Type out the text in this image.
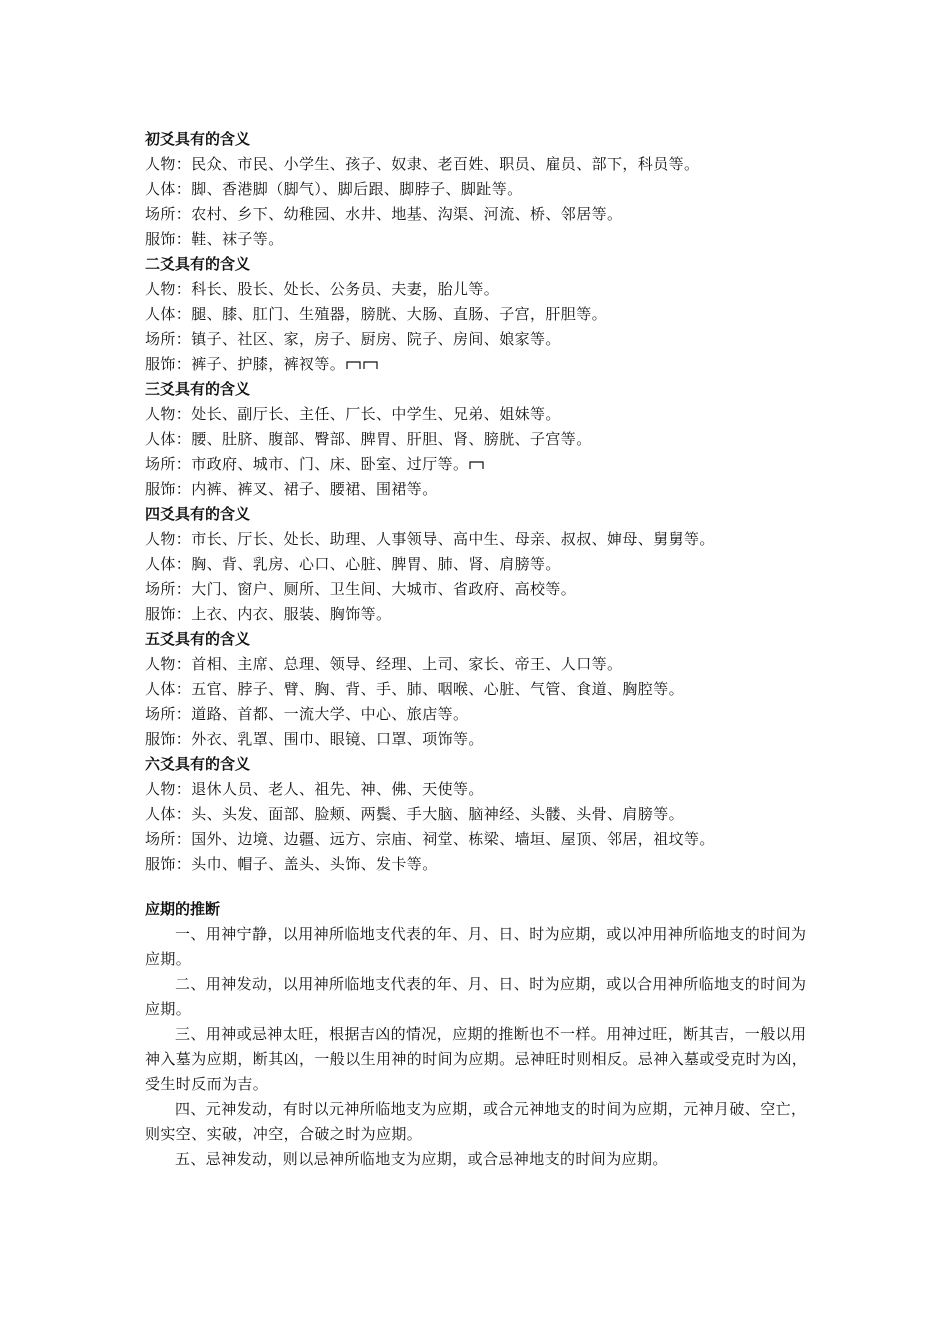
初爻具有的含义
人物：民众、市民、小学生、孩子、奴隶、老百姓、职员、雇员、部下，科员等。
人体：脚、香港脚（脚气）、脚后跟、脚脖子、脚趾等。
场所：农村、乡下、幼稚园、水井、地基、沟渠、河流、桥、邻居等。
服饰：鞋、袜子等。
二爻具有的含义
人物：科长、股长、处长、公务员、夫妻，胎儿等。
人体：腿、膝、肛门、生殖器，膀胱、大肠、直肠、子宫，肝胆等。
场所：镇子、社区、家，房子、厨房、院子、房间、娘家等。
服饰：裤子、护膝，裤衩等。
三爻具有的含义
人物：处长、副厅长、主任、厂长、中学生、兄弟、姐妹等。
人体：腰、肚脐、腹部、臀部、脾胃、肝胆、肾、膀胱、子宫等。
场所：市政府、城市、门、床、卧室、过厅等。
服饰：内裤、裤叉、裙子、腰裙、围裙等。
四爻具有的含义
人物：市长、厅长、处长、助理、人事领导、高中生、母亲、叔叔、婶母、舅舅等。
人体：胸、背、乳房、心口、心脏、脾胃、肺、肾、肩膀等。
场所：大门、窗户、厕所、卫生间、大城市、省政府、高校等。
服饰：上衣、内衣、服装、胸饰等。
五爻具有的含义
人物：首相、主席、总理、领导、经理、上司、家长、帝王、人口等。
人体：五官、脖子、臂、胸、背、手、肺、咽喉、心脏、气管、食道、胸腔等。
场所：道路、首都、一流大学、中心、旅店等。
服饰：外衣、乳罩、围巾、眼镜、口罩、项饰等。
六爻具有的含义
人物：退休人员、老人、祖先、神、佛、天使等。
人体：头、头发、面部、脸颊、两鬓、手大脑、脑神经、头髅、头骨、肩膀等。
场所：国外、边境、边疆、远方、宗庙、祠堂、栋梁、墙垣、屋顶、邻居，祖坟等。
服饰：头巾、帽子、盖头、头饰、发卡等。
应期的推断
一、用神宁静，以用神所临地支代表的年、月、日、时为应期，或以冲用神所临地支的时间为应期。
二、用神发动，以用神所临地支代表的年、月、日、时为应期，或以合用神所临地支的时间为应期。
三、用神或忌神太旺，根据吉凶的情况，应期的推断也不一样。用神过旺，断其吉，一般以用神入墓为应期，断其凶，一般以生用神的时间为应期。忌神旺时则相反。忌神入墓或受克时为凶，受生时反而为吉。
四、元神发动，有时以元神所临地支为应期，或合元神地支的时间为应期，元神月破、空亡，则实空、实破，冲空，合破之时为应期。
五、忌神发动，则以忌神所临地支为应期，或合忌神地支的时间为应期。
